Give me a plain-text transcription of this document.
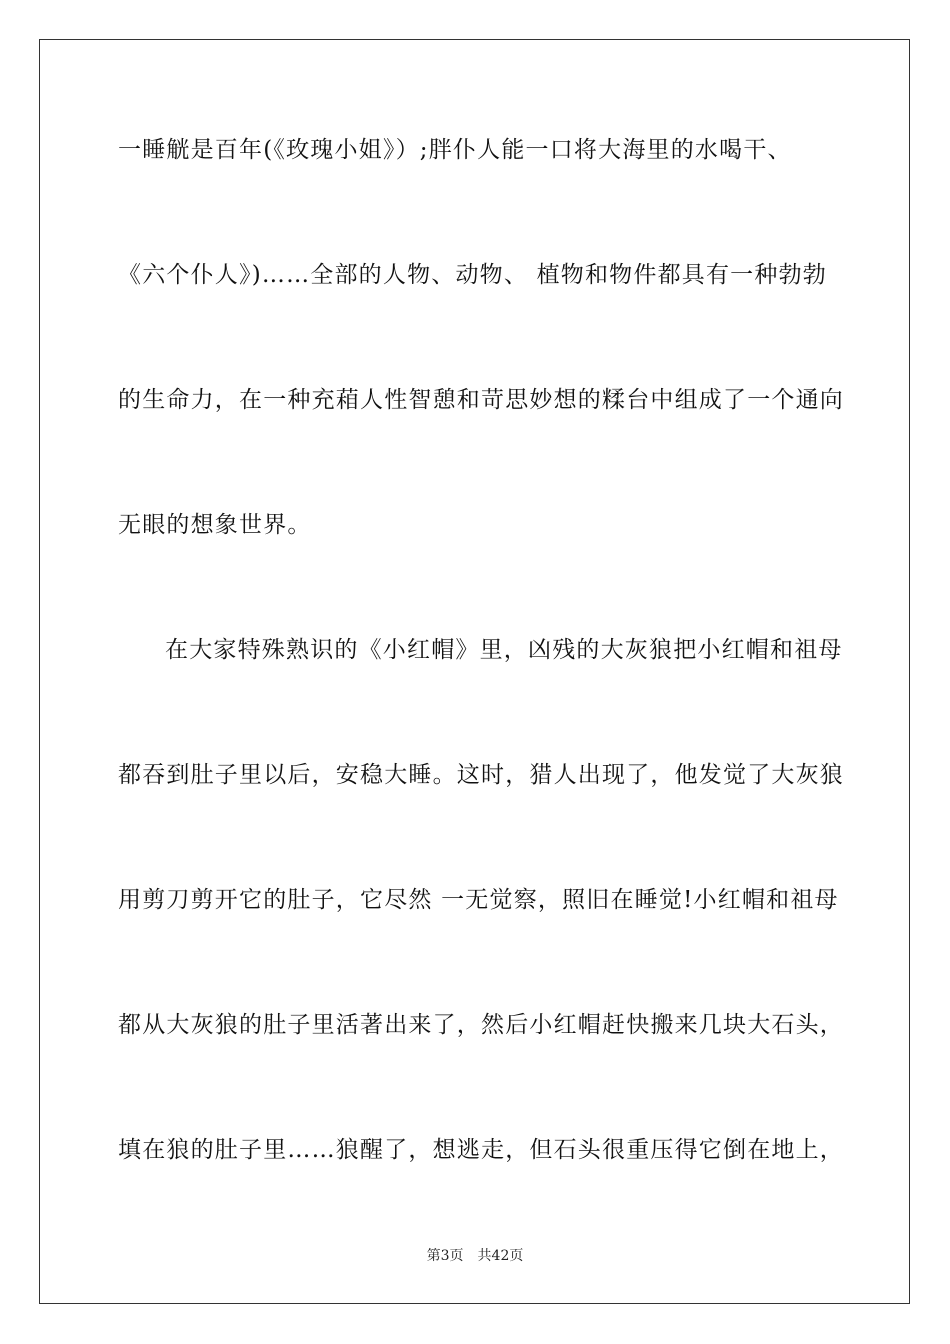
一睡觥是百年(《玫瑰小姐》）;胖仆人能一口将大海里的水喝干、
《六个仆人》)……全部的人物、动物、 植物和物件都具有一种勃勃
的生命力，在一种充葙人性智憩和苛思妙想的糅台中组成了一个通向
无眼的想象世界。
在大家特殊熟识的《小红帽》里，凶残的大灰狼把小红帽和祖母
都吞到肚子里以后，安稳大睡。这时，猎人出现了，他发觉了大灰狼
用剪刀剪开它的肚子，它尽然 一无觉察，照旧在睡觉!小红帽和祖母
都从大灰狼的肚子里活著出来了，然后小红帽赶快搬来几块大石头，
填在狼的肚子里……狼醒了，想逃走，但石头很重压得它倒在地上，
第3页 共42页
